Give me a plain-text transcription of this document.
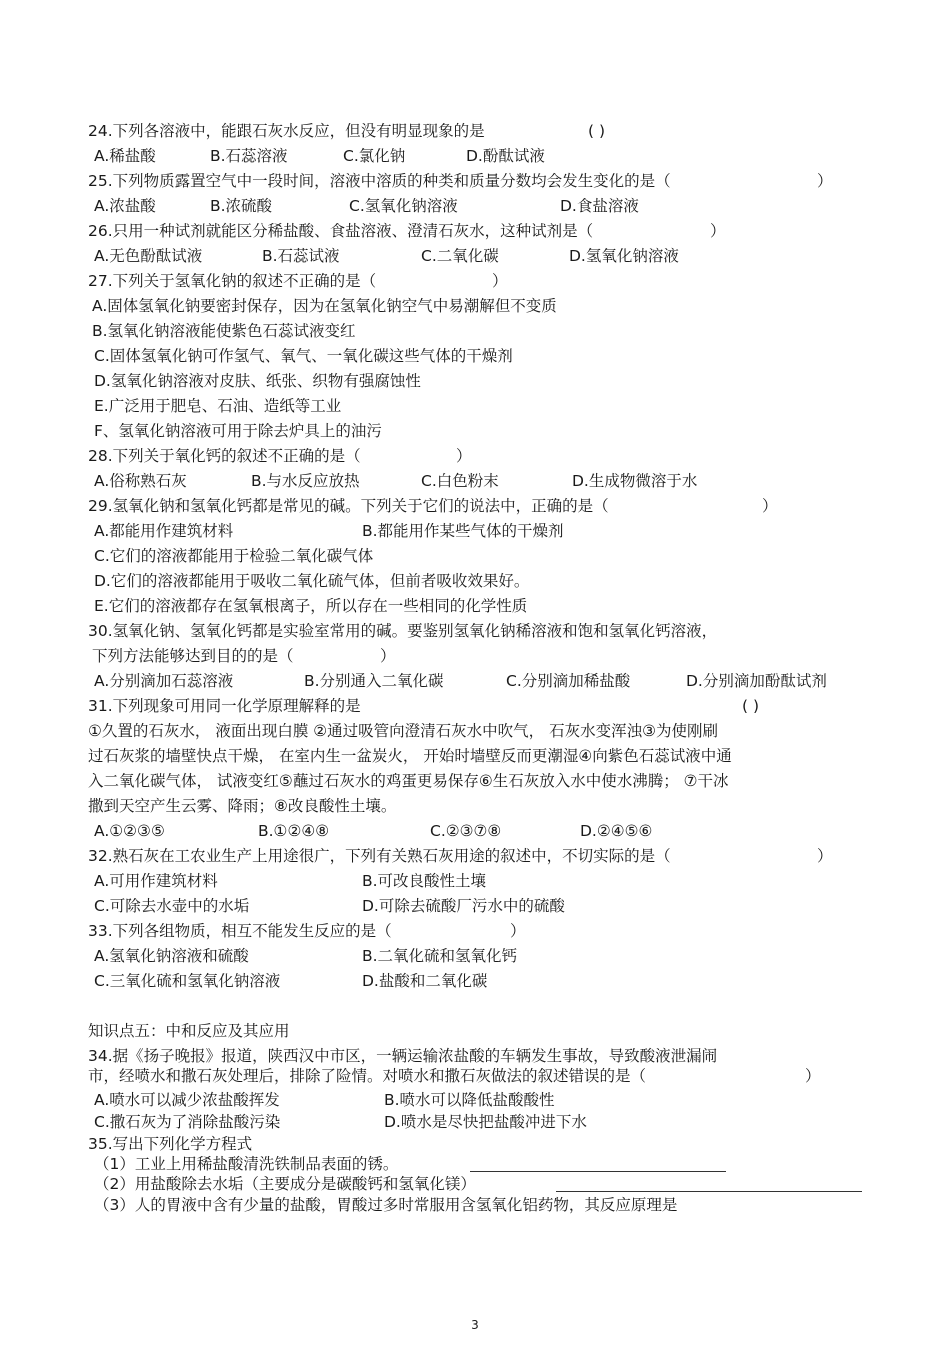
24.下列各溶液中，能跟石灰水反应，但没有明显现象的是	( )
A.稀盐酸	B.石蕊溶液	C.氯化钠	D.酚酞试液
25.下列物质露置空气中一段时间，溶液中溶质的种类和质量分数均会发生变化的是（	）
A.浓盐酸	B.浓硫酸	C.氢氧化钠溶液	D.食盐溶液
26.只用一种试剂就能区分稀盐酸、食盐溶液、澄清石灰水，这种试剂是（	）
A.无色酚酞试液	B.石蕊试液	C.二氧化碳	D.氢氧化钠溶液
27.下列关于氢氧化钠的叙述不正确的是（	）
A.固体氢氧化钠要密封保存，因为在氢氧化钠空气中易潮解但不变质
B.氢氧化钠溶液能使紫色石蕊试液变红
C.固体氢氧化钠可作氢气、氧气、一氧化碳这些气体的干燥剂
D.氢氧化钠溶液对皮肤、纸张、织物有强腐蚀性
E.广泛用于肥皂、石油、造纸等工业
F、氢氧化钠溶液可用于除去炉具上的油污
28.下列关于氧化钙的叙述不正确的是（	）
A.俗称熟石灰	B.与水反应放热	C.白色粉末	D.生成物微溶于水
29.氢氧化钠和氢氧化钙都是常见的碱。下列关于它们的说法中，正确的是（	）
A.都能用作建筑材料	B.都能用作某些气体的干燥剂
C.它们的溶液都能用于检验二氧化碳气体
D.它们的溶液都能用于吸收二氧化硫气体，但前者吸收效果好。
E.它们的溶液都存在氢氧根离子，所以存在一些相同的化学性质
30.氢氧化钠、氢氧化钙都是实验室常用的碱。要鉴别氢氧化钠稀溶液和饱和氢氧化钙溶液，
下列方法能够达到目的的是（	）
A.分别滴加石蕊溶液	B.分别通入二氧化碳	C.分别滴加稀盐酸	D.分别滴加酚酞试剂
31.下列现象可用同一化学原理解释的是	( )
①久置的石灰水， 液面出现白膜 ②通过吸管向澄清石灰水中吹气， 石灰水变浑浊③为使刚刷
过石灰浆的墙壁快点干燥， 在室内生一盆炭火， 开始时墙壁反而更潮湿④向紫色石蕊试液中通
入二氧化碳气体， 试液变红⑤蘸过石灰水的鸡蛋更易保存⑥生石灰放入水中使水沸腾； ⑦干冰
撒到天空产生云雾、降雨；⑧改良酸性土壤。
A.①②③⑤	B.①②④⑧	C.②③⑦⑧	D.②④⑤⑥
32.熟石灰在工农业生产上用途很广，下列有关熟石灰用途的叙述中，不切实际的是（	）
A.可用作建筑材料	B.可改良酸性土壤
C.可除去水壶中的水垢	D.可除去硫酸厂污水中的硫酸
33.下列各组物质，相互不能发生反应的是（	）
A.氢氧化钠溶液和硫酸	B.二氧化硫和氢氧化钙
C.三氧化硫和氢氧化钠溶液	D.盐酸和二氧化碳
知识点五：中和反应及其应用
34.据《扬子晚报》报道，陕西汉中市区，一辆运输浓盐酸的车辆发生事故，导致酸液泄漏闹
市，经喷水和撒石灰处理后，排除了险情。对喷水和撒石灰做法的叙述错误的是（	）
A.喷水可以减少浓盐酸挥发	B.喷水可以降低盐酸酸性
C.撒石灰为了消除盐酸污染	D.喷水是尽快把盐酸冲进下水
35.写出下列化学方程式
（1）工业上用稀盐酸清洗铁制品表面的锈。
（2）用盐酸除去水垢（主要成分是碳酸钙和氢氧化镁）
（3）人的胃液中含有少量的盐酸，胃酸过多时常服用含氢氧化铝药物，其反应原理是
3
